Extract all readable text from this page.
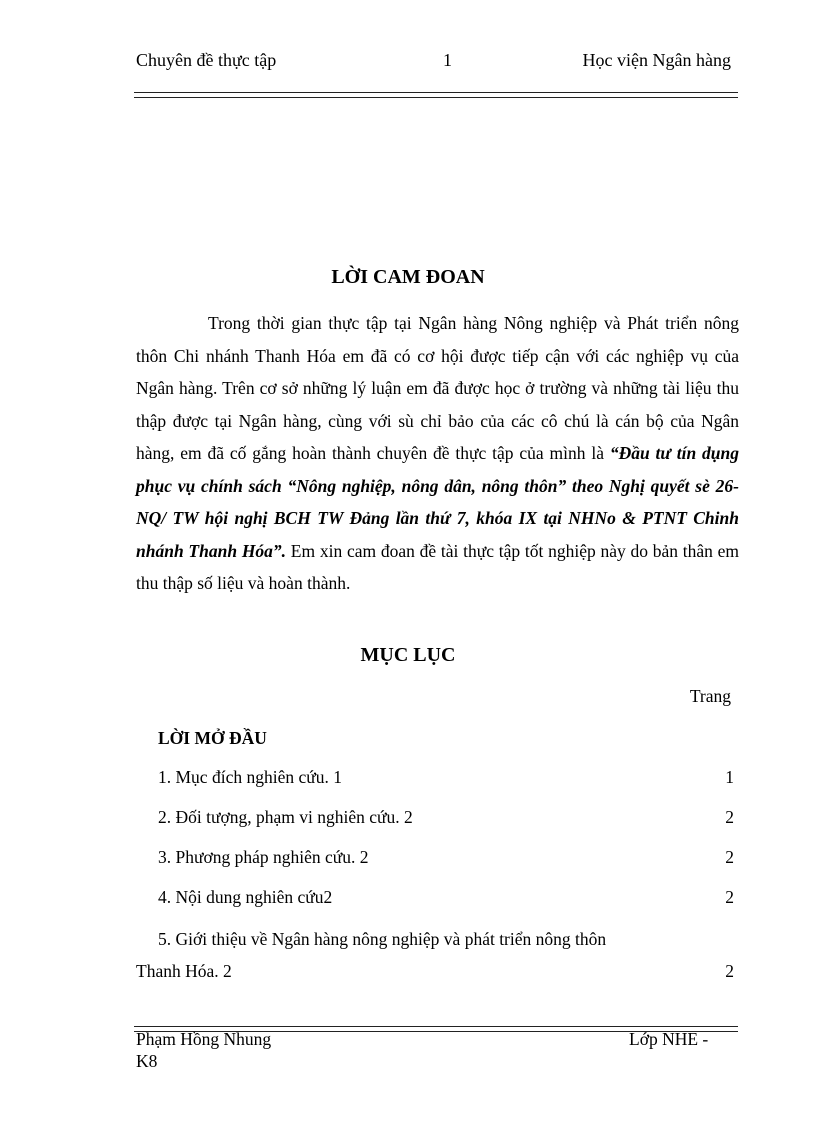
Chuyên đề thực tập	1	Học viện Ngân hàng
LỜI CAM ĐOAN
Trong thời gian thực tập tại Ngân hàng Nông nghiệp và Phát triển nông thôn Chi nhánh Thanh Hóa em đã có cơ hội được tiếp cận với các nghiệp vụ của Ngân hàng. Trên cơ sở những lý luận em đã được học ở trường và những tài liệu thu thập được tại Ngân hàng, cùng với sù chỉ bảo của các cô chú là cán bộ của Ngân hàng, em đã cố gắng hoàn thành chuyên đề thực tập của mình là “Đầu tư tín dụng phục vụ chính sách “Nông nghiệp, nông dân, nông thôn” theo Nghị quyết sè 26-NQ/ TW hội nghị BCH TW Đảng lần thứ 7, khóa IX tại NHNo & PTNT Chinh nhánh Thanh Hóa”. Em xin cam đoan đề tài thực tập tốt nghiệp này do bản thân em thu thập số liệu và hoàn thành.
MỤC LỤC
Trang
LỜI MỞ ĐẦU
1. Mục đích nghiên cứu. 1	1
2. Đối tượng, phạm vi nghiên cứu. 2	2
3. Phương pháp nghiên cứu. 2	2
4. Nội dung nghiên cứu2	2
5. Giới thiệu về Ngân hàng nông nghiệp và phát triển nông thôn
Thanh Hóa. 2	2
Phạm Hồng Nhung	Lớp NHE -
K8
